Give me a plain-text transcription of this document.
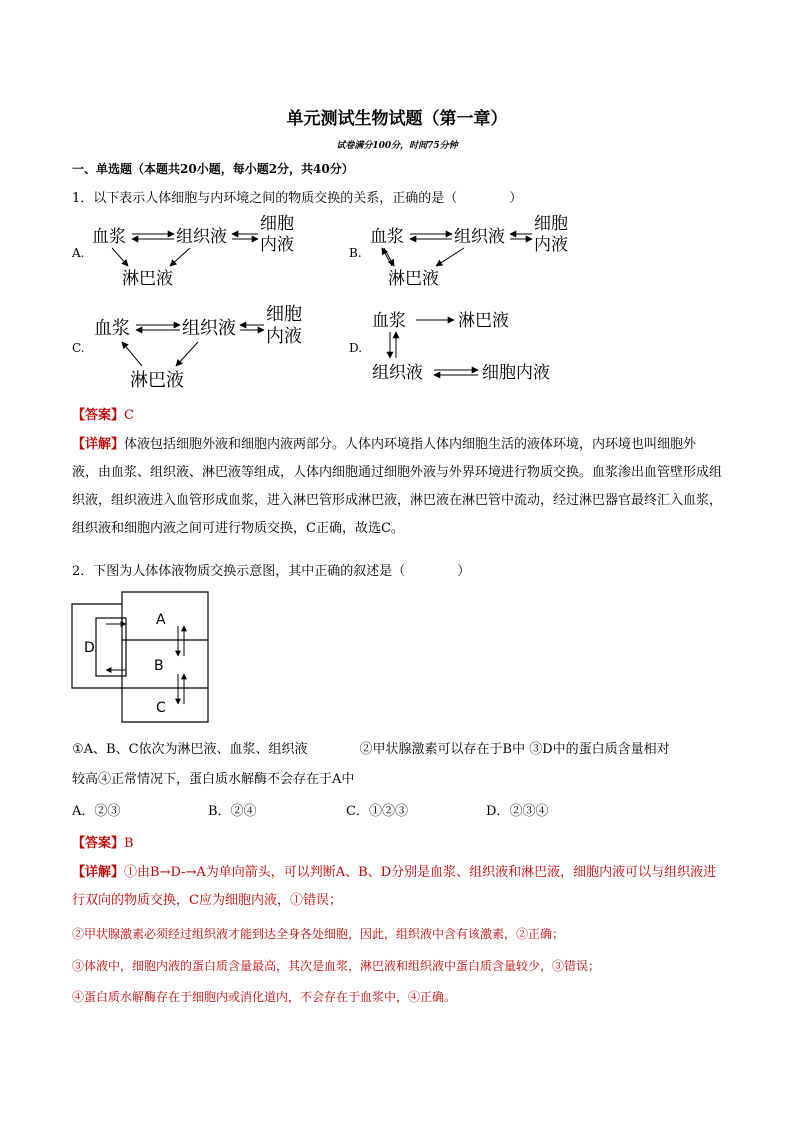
单元测试生物试题（第一章）
试卷满分100分，时间75分钟
一、单选题（本题共20小题，每小题2分，共40分）
1．以下表示人体细胞与内环境之间的物质交换的关系，正确的是（　　　　）
A.
血浆	组织液
细胞
内液
淋巴液
B.
血浆	组织液
细胞
内液
淋巴液
C.
血浆	组织液
细胞
内液
淋巴液
D.
血浆	淋巴液
组织液	细胞内液
【答案】C
【详解】体液包括细胞外液和细胞内液两部分。人体内环境指人体内细胞生活的液体环境，内环境也叫细胞外液，由血浆、组织液、淋巴液等组成，人体内细胞通过细胞外液与外界环境进行物质交换。血浆渗出血管壁形成组织液，组织液进入血管形成血浆，进入淋巴管形成淋巴液，淋巴液在淋巴管中流动，经过淋巴器官最终汇入血浆，组织液和细胞内液之间可进行物质交换，C正确，故选C。
2．下图为人体体液物质交换示意图，其中正确的叙述是（　　　　）
A
B
C
D
①A、B、C依次为淋巴液、血浆、组织液　　　　②甲状腺激素可以存在于B中 ③D中的蛋白质含量相对
较高④正常情况下，蛋白质水解酶不会存在于A中
A．②③	B．②④	C．①②③	D．②③④
【答案】B
【详解】①由B→D-→A为单向箭头，可以判断A、B、D分别是血浆、组织液和淋巴液，细胞内液可以与组织液进行双向的物质交换，C应为细胞内液，①错误；
②甲状腺激素必须经过组织液才能到达全身各处细胞，因此，组织液中含有该激素，②正确；
③体液中，细胞内液的蛋白质含量最高，其次是血浆，淋巴液和组织液中蛋白质含量较少，③错误；
④蛋白质水解酶存在于细胞内或消化道内，不会存在于血浆中，④正确。
